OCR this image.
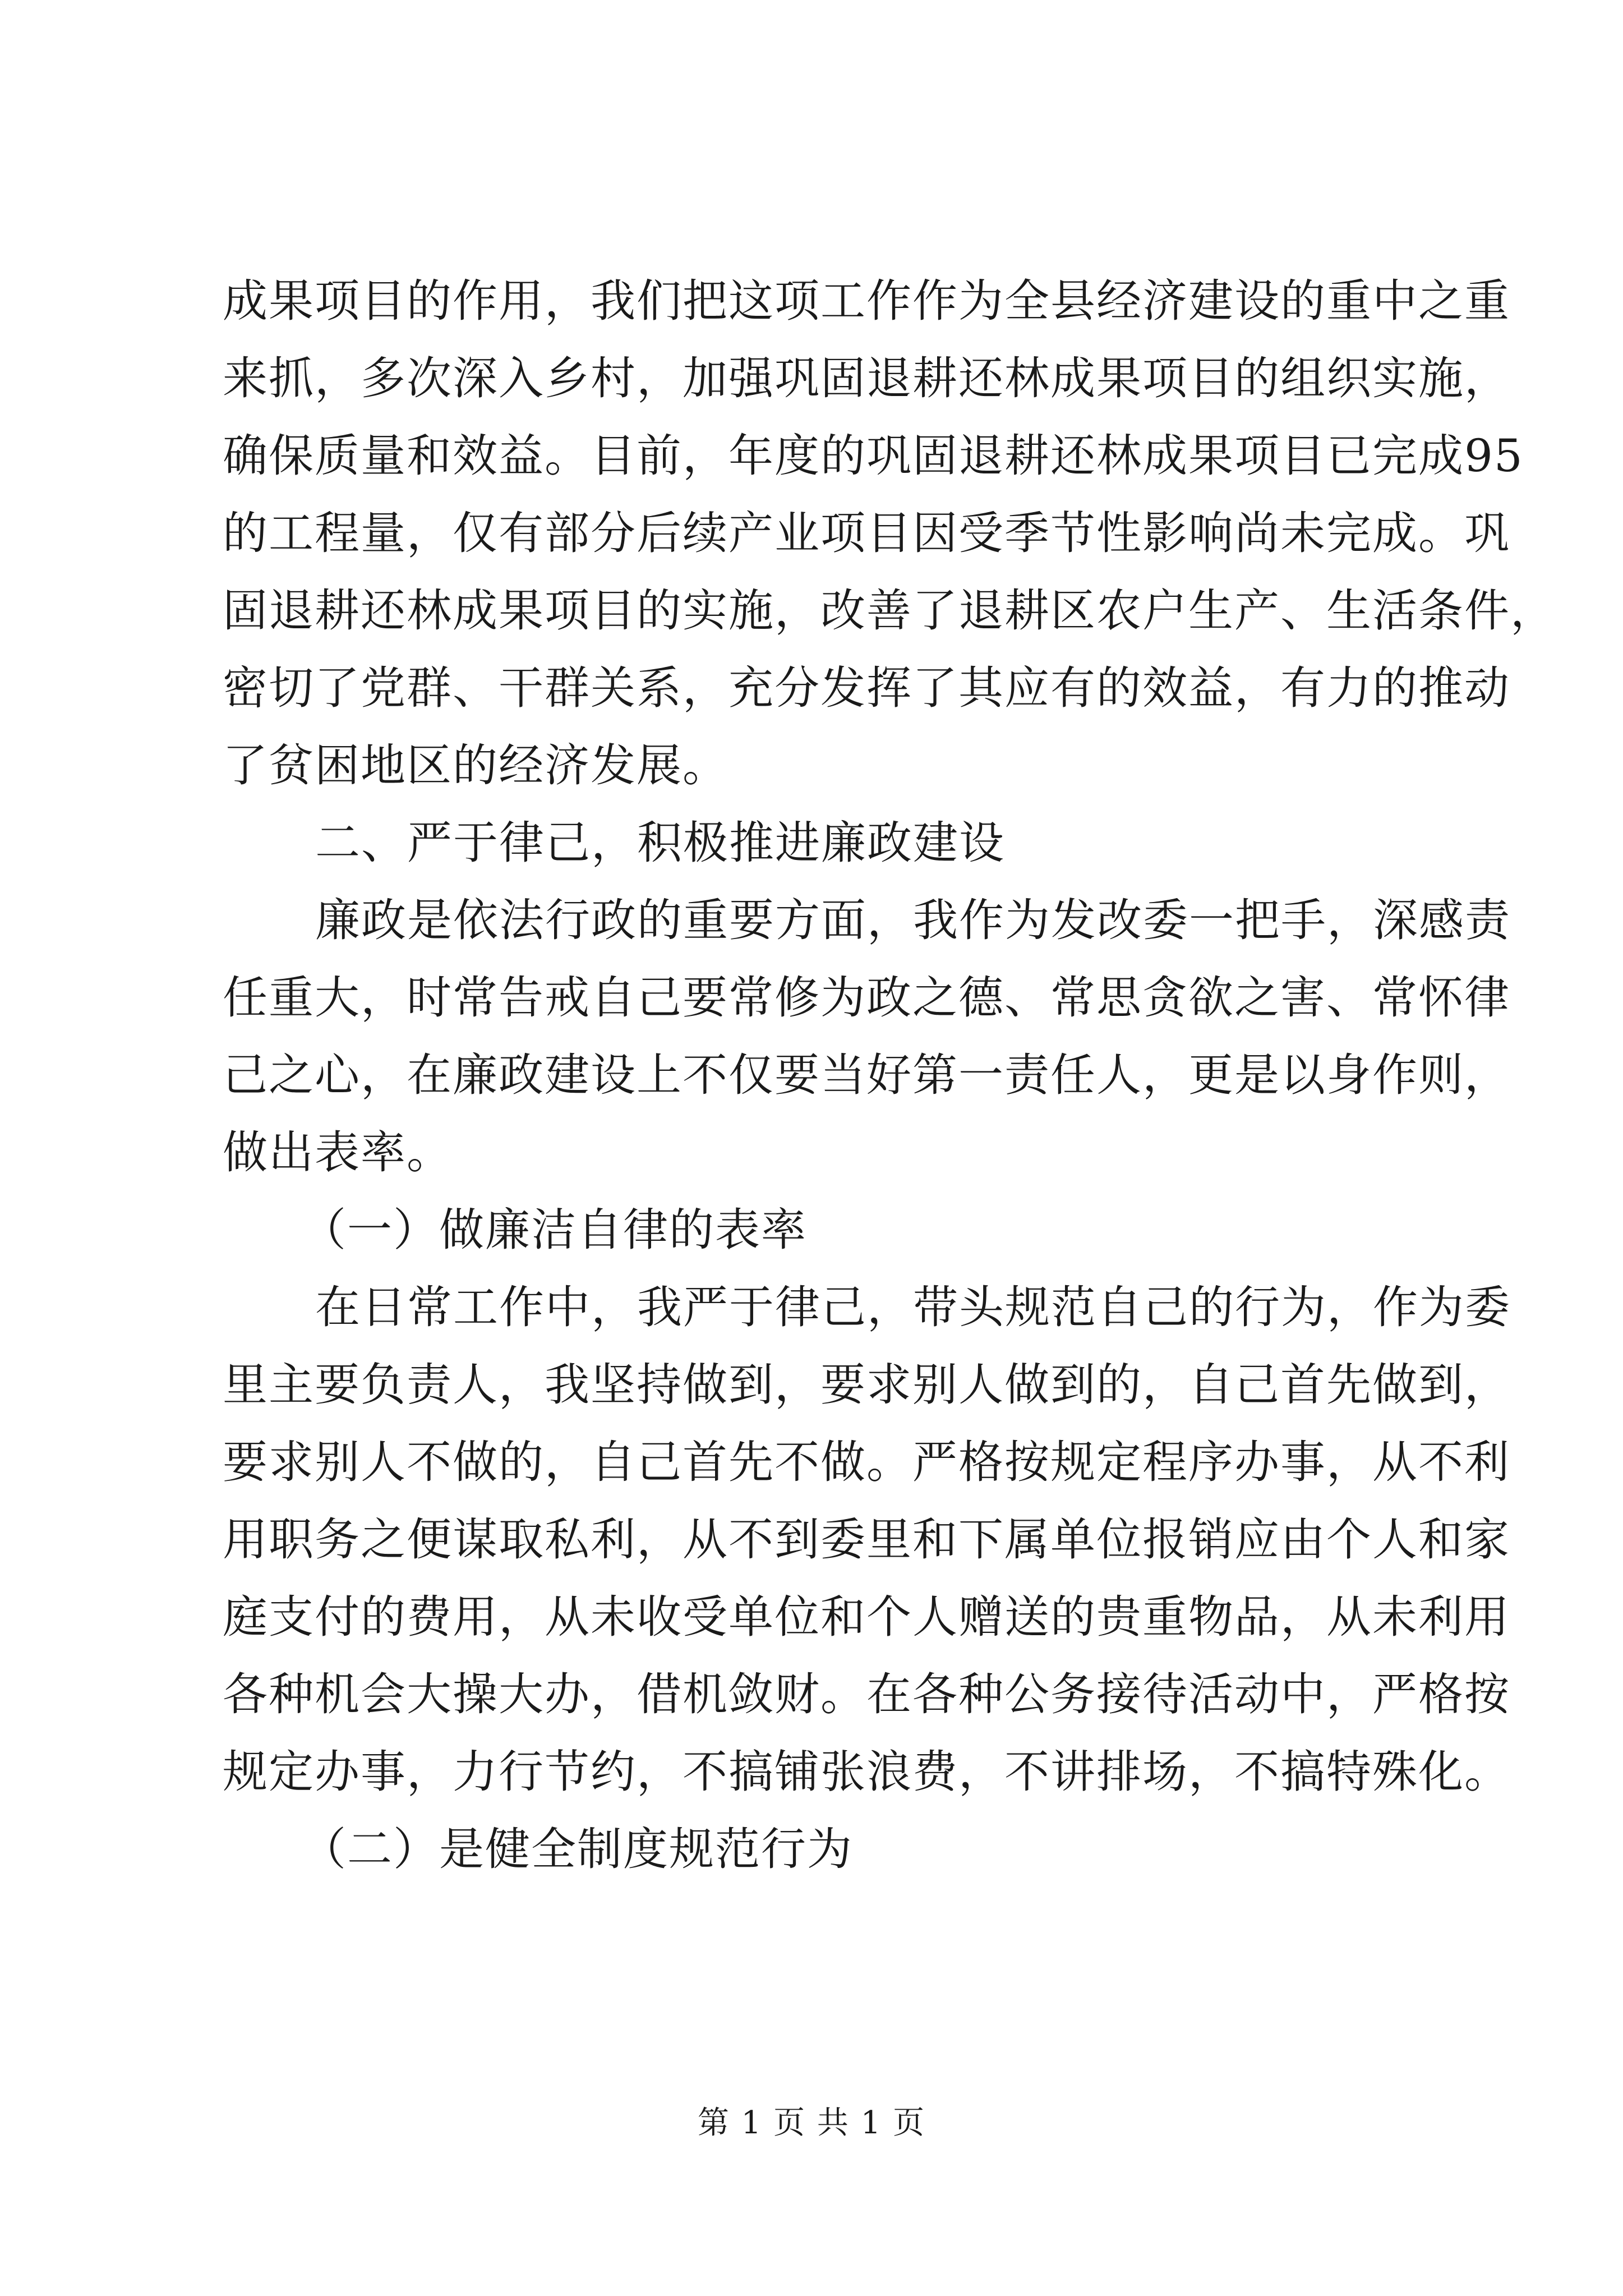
成果项目的作用，我们把这项工作作为全县经济建设的重中之重
来抓，多次深入乡村，加强巩固退耕还林成果项目的组织实施，
确保质量和效益。目前，年度的巩固退耕还林成果项目已完成95
的工程量，仅有部分后续产业项目因受季节性影响尚未完成。巩
固退耕还林成果项目的实施，改善了退耕区农户生产、生活条件，
密切了党群、干群关系，充分发挥了其应有的效益，有力的推动
了贫困地区的经济发展。

二、严于律己，积极推进廉政建设

廉政是依法行政的重要方面，我作为发改委一把手，深感责
任重大，时常告戒自己要常修为政之德、常思贪欲之害、常怀律
己之心，在廉政建设上不仅要当好第一责任人，更是以身作则，
做出表率。

（一）做廉洁自律的表率

在日常工作中，我严于律己，带头规范自己的行为，作为委
里主要负责人，我坚持做到，要求别人做到的，自己首先做到，
要求别人不做的，自己首先不做。严格按规定程序办事，从不利
用职务之便谋取私利，从不到委里和下属单位报销应由个人和家
庭支付的费用，从未收受单位和个人赠送的贵重物品，从未利用
各种机会大操大办，借机敛财。在各种公务接待活动中，严格按
规定办事，力行节约，不搞铺张浪费，不讲排场，不搞特殊化。

（二）是健全制度规范行为

第 1 页 共 1 页
